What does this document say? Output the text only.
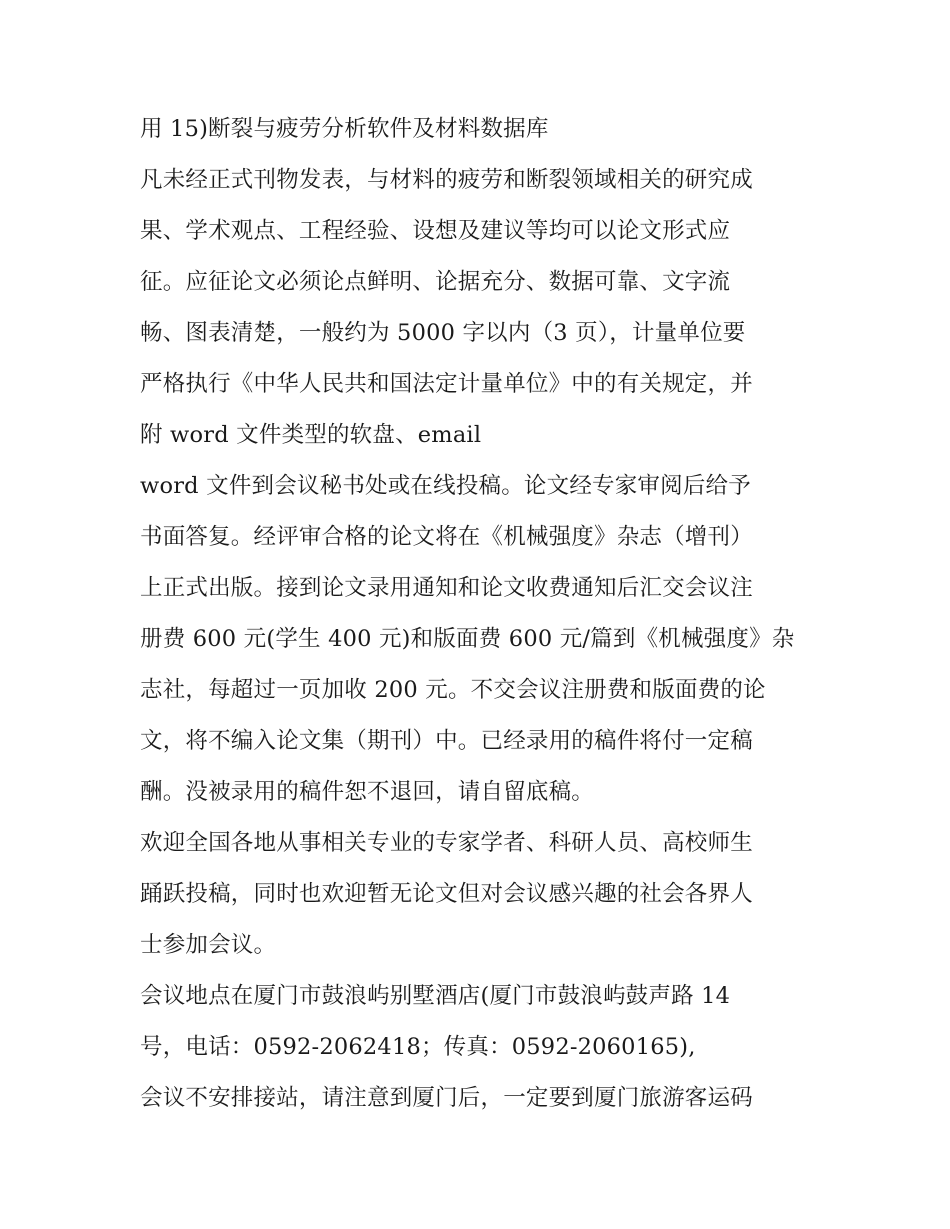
用 15)断裂与疲劳分析软件及材料数据库
凡未经正式刊物发表，与材料的疲劳和断裂领域相关的研究成
果、学术观点、工程经验、设想及建议等均可以论文形式应
征。应征论文必须论点鲜明、论据充分、数据可靠、文字流
畅、图表清楚，一般约为 5000 字以内（3 页），计量单位要
严格执行《中华人民共和国法定计量单位》中的有关规定，并
附 word 文件类型的软盘、email
word 文件到会议秘书处或在线投稿。论文经专家审阅后给予
书面答复。经评审合格的论文将在《机械强度》杂志（增刊）
上正式出版。接到论文录用通知和论文收费通知后汇交会议注
册费 600 元(学生 400 元)和版面费 600 元/篇到《机械强度》杂
志社，每超过一页加收 200 元。不交会议注册费和版面费的论
文，将不编入论文集（期刊）中。已经录用的稿件将付一定稿
酬。没被录用的稿件恕不退回，请自留底稿。
欢迎全国各地从事相关专业的专家学者、科研人员、高校师生
踊跃投稿，同时也欢迎暂无论文但对会议感兴趣的社会各界人
士参加会议。
会议地点在厦门市鼓浪屿别墅酒店(厦门市鼓浪屿鼓声路 14
号，电话：0592-2062418；传真：0592-2060165),
会议不安排接站，请注意到厦门后，一定要到厦门旅游客运码
